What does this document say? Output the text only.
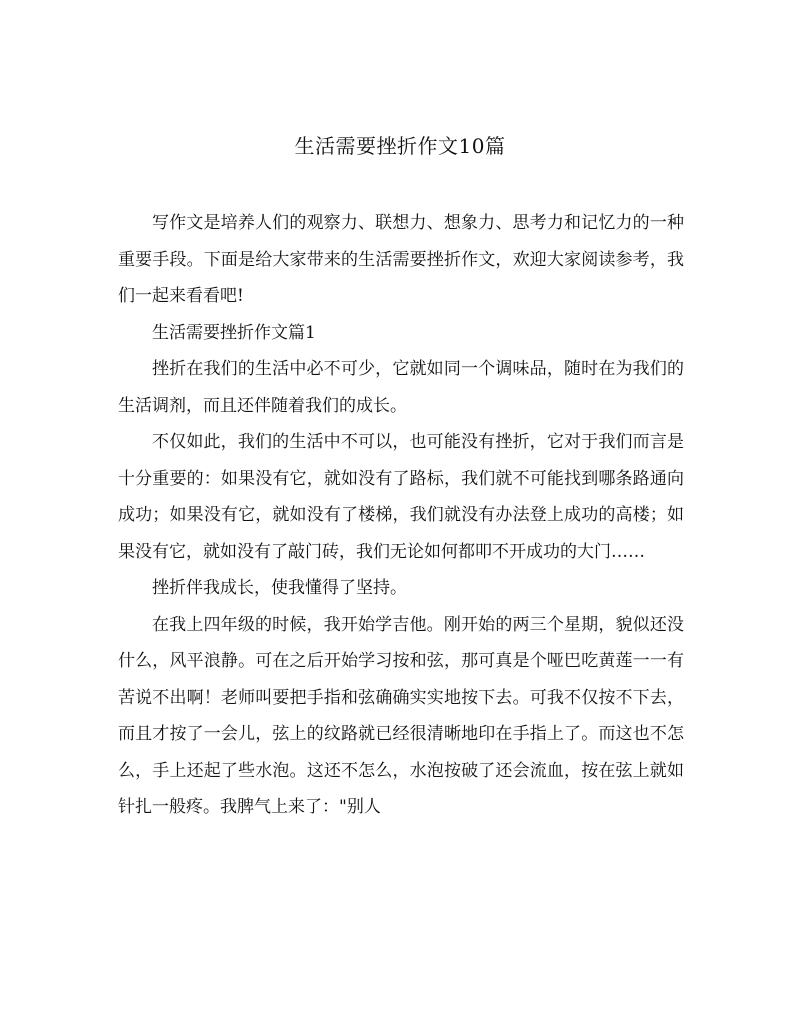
生活需要挫折作文10篇

写作文是培养人们的观察力、联想力、想象力、思考力和记忆力的一种重要手段。下面是给大家带来的生活需要挫折作文，欢迎大家阅读参考，我们一起来看看吧!

生活需要挫折作文篇1

挫折在我们的生活中必不可少，它就如同一个调味品，随时在为我们的生活调剂，而且还伴随着我们的成长。

不仅如此，我们的生活中不可以，也可能没有挫折，它对于我们而言是十分重要的：如果没有它，就如没有了路标，我们就不可能找到哪条路通向成功；如果没有它，就如没有了楼梯，我们就没有办法登上成功的高楼；如果没有它，就如没有了敲门砖，我们无论如何都叩不开成功的大门……

挫折伴我成长，使我懂得了坚持。

在我上四年级的时候，我开始学吉他。刚开始的两三个星期，貌似还没什么，风平浪静。可在之后开始学习按和弦，那可真是个哑巴吃黄莲一一有苦说不出啊！老师叫要把手指和弦确确实实地按下去。可我不仅按不下去，而且才按了一会儿，弦上的纹路就已经很清晰地印在手指上了。而这也不怎么，手上还起了些水泡。这还不怎么，水泡按破了还会流血，按在弦上就如针扎一般疼。我脾气上来了："别人
